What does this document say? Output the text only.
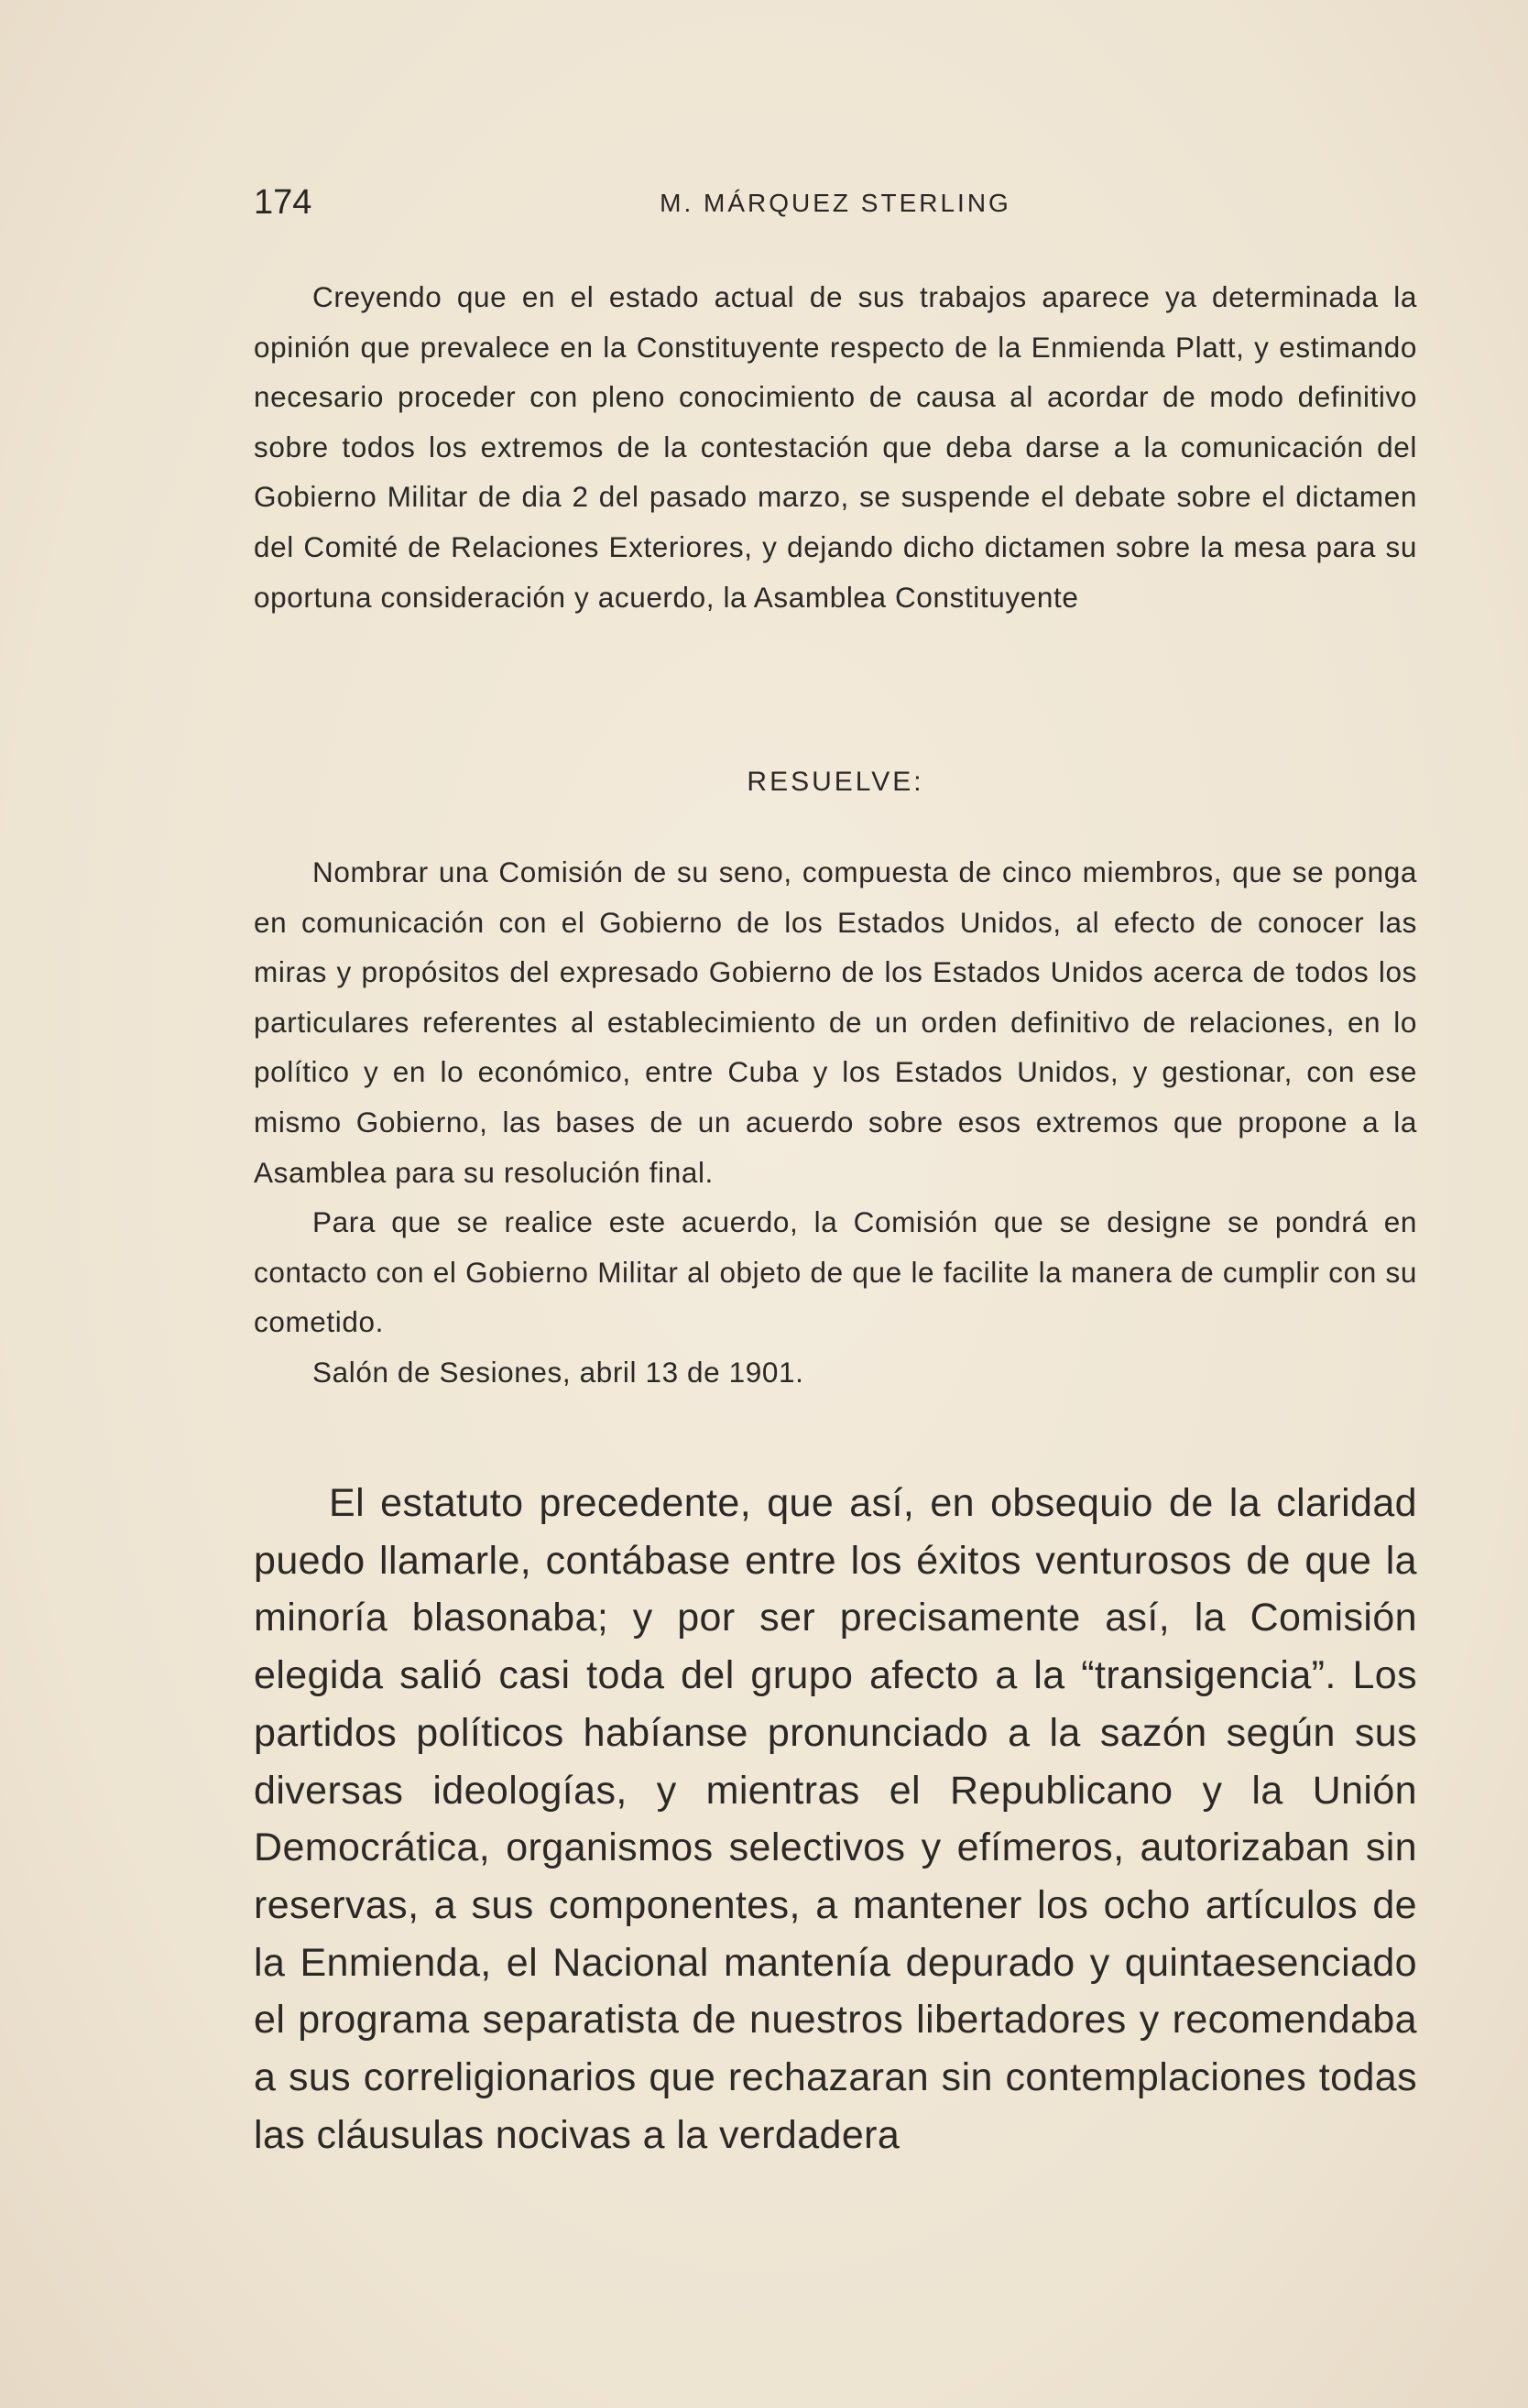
174	M. MÁRQUEZ STERLING

Creyendo que en el estado actual de sus trabajos aparece ya determinada la opinión que prevalece en la Constituyente respecto de la Enmienda Platt, y estimando necesario proceder con pleno conocimiento de causa al acordar de modo definitivo sobre todos los extremos de la contestación que deba darse a la comunicación del Gobierno Militar de dia 2 del pasado marzo, se suspende el debate sobre el dictamen del Comité de Relaciones Exteriores, y dejando dicho dictamen sobre la mesa para su oportuna consideración y acuerdo, la Asamblea Constituyente

RESUELVE:

Nombrar una Comisión de su seno, compuesta de cinco miembros, que se ponga en comunicación con el Gobierno de los Estados Unidos, al efecto de conocer las miras y propósitos del expresado Gobierno de los Estados Unidos acerca de todos los particulares referentes al establecimiento de un orden definitivo de relaciones, en lo político y en lo económico, entre Cuba y los Estados Unidos, y gestionar, con ese mismo Gobierno, las bases de un acuerdo sobre esos extremos que propone a la Asamblea para su resolución final.

Para que se realice este acuerdo, la Comisión que se designe se pondrá en contacto con el Gobierno Militar al objeto de que le facilite la manera de cumplir con su cometido.

Salón de Sesiones, abril 13 de 1901.

El estatuto precedente, que así, en obsequio de la claridad puedo llamarle, contábase entre los éxitos venturosos de que la minoría blasonaba; y por ser precisamente así, la Comisión elegida salió casi toda del grupo afecto a la “transigencia”. Los partidos políticos habíanse pronunciado a la sazón según sus diversas ideologías, y mientras el Republicano y la Unión Democrática, organismos selectivos y efímeros, autorizaban sin reservas, a sus componentes, a mantener los ocho artículos de la Enmienda, el Nacional mantenía depurado y quintaesenciado el programa separatista de nuestros libertadores y recomendaba a sus correligionarios que rechazaran sin contemplaciones todas las cláusulas nocivas a la verdadera
